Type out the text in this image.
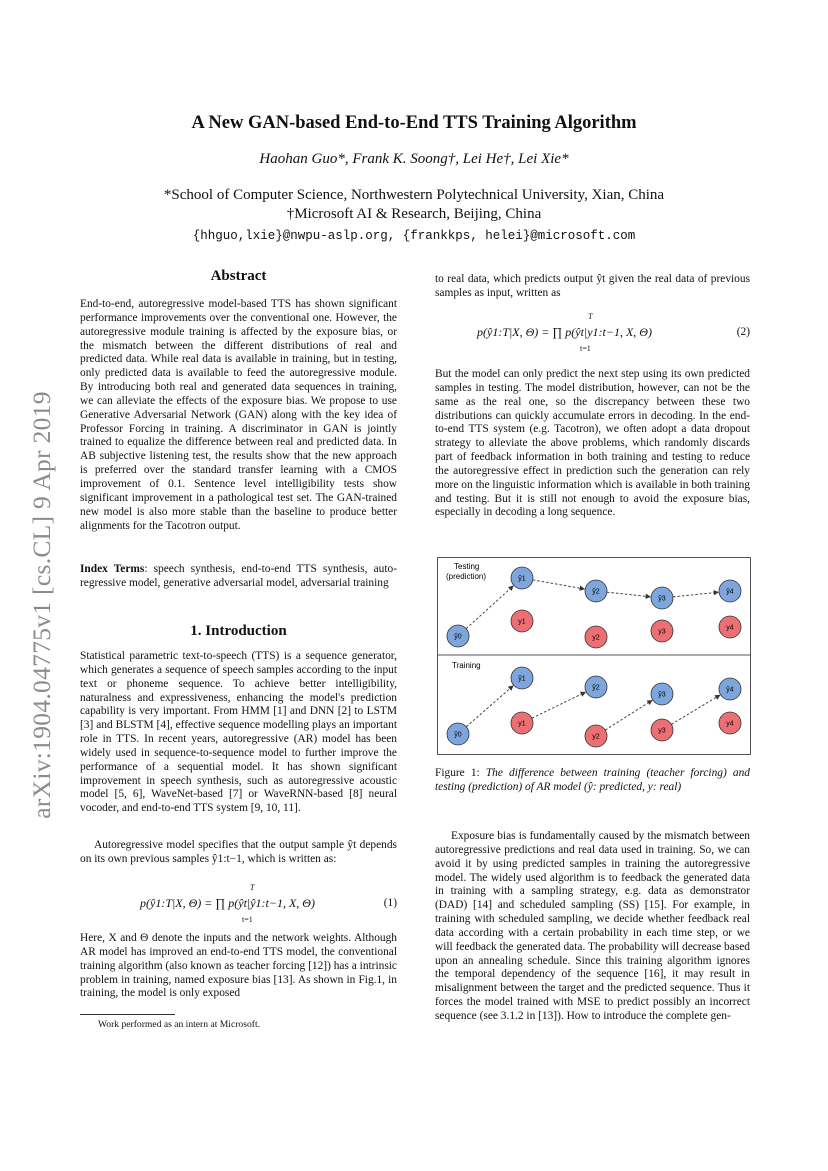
arXiv:1904.04775v1 [cs.CL] 9 Apr 2019
A New GAN-based End-to-End TTS Training Algorithm
Haohan Guo*, Frank K. Soong†, Lei He†, Lei Xie*
*School of Computer Science, Northwestern Polytechnical University, Xian, China
†Microsoft AI & Research, Beijing, China
{hhguo,lxie}@nwpu-aslp.org, {frankkps, helei}@microsoft.com
Abstract
End-to-end, autoregressive model-based TTS has shown significant performance improvements over the conventional one. However, the autoregressive module training is affected by the exposure bias, or the mismatch between the different distributions of real and predicted data. While real data is available in training, but in testing, only predicted data is available to feed the autoregressive module. By introducing both real and generated data sequences in training, we can alleviate the effects of the exposure bias. We propose to use Generative Adversarial Network (GAN) along with the key idea of Professor Forcing in training. A discriminator in GAN is jointly trained to equalize the difference between real and predicted data. In AB subjective listening test, the results show that the new approach is preferred over the standard transfer learning with a CMOS improvement of 0.1. Sentence level intelligibility tests show significant improvement in a pathological test set. The GAN-trained new model is also more stable than the baseline to produce better alignments for the Tacotron output.
Index Terms: speech synthesis, end-to-end TTS synthesis, auto-regressive model, generative adversarial model, adversarial training
1. Introduction
Statistical parametric text-to-speech (TTS) is a sequence generator, which generates a sequence of speech samples according to the input text or phoneme sequence. To achieve better intelligibility, naturalness and expressiveness, enhancing the model's prediction capability is very important. From HMM [1] and DNN [2] to LSTM [3] and BLSTM [4], effective sequence modelling plays an important role in TTS. In recent years, autoregressive (AR) model has been widely used in sequence-to-sequence model to further improve the performance of a sequential model. It has shown significant improvement in speech synthesis, such as autoregressive acoustic model [5, 6], WaveNet-based [7] or WaveRNN-based [8] neural vocoder, and end-to-end TTS system [9, 10, 11].
Autoregressive model specifies that the output sample ŷt depends on its own previous samples ŷ1:t−1, which is written as:
T
p(ŷ1:T|X, Θ) = ∏ p(ŷt|ŷ1:t−1, X, Θ)
t=1
(1)
Here, X and Θ denote the inputs and the network weights. Although AR model has improved an end-to-end TTS model, the conventional training algorithm (also known as teacher forcing [12]) has a intrinsic problem in training, named exposure bias [13]. As shown in Fig.1, in training, the model is only exposed
Work performed as an intern at Microsoft.
to real data, which predicts output ŷt given the real data of previous samples as input, written as
T
p(ŷ1:T|X, Θ) = ∏ p(ŷt|y1:t−1, X, Θ)
t=1
(2)
But the model can only predict the next step using its own predicted samples in testing. The model distribution, however, can not be the same as the real one, so the discrepancy between these two distributions can quickly accumulate errors in decoding. In the end-to-end TTS system (e.g. Tacotron), we often adopt a data dropout strategy to alleviate the above problems, which randomly discards part of feedback information in both training and testing to reduce the autoregressive effect in prediction such the generation can rely more on the linguistic information which is available in both training and testing. But it is still not enough to avoid the exposure bias, especially in decoding a long sequence.
Testing
(prediction)
Training
ŷ0
ŷ0
ŷ1
y1
ŷ1
y1
ŷ2
y2
ŷ2
y2
ŷ3
y3
ŷ3
y3
ŷ4
y4
ŷ4
y4
Figure 1: The difference between training (teacher forcing) and testing (prediction) of AR model (ŷ: predicted, y: real)
Exposure bias is fundamentally caused by the mismatch between autoregressive predictions and real data used in training. So, we can avoid it by using predicted samples in training the autoregressive model. The widely used algorithm is to feedback the generated data in training with a sampling strategy, e.g. data as demonstrator (DAD) [14] and scheduled sampling (SS) [15]. For example, in training with scheduled sampling, we decide whether feedback real data according with a certain probability in each time step, or we will feedback the generated data. The probability will decrease based upon an annealing schedule. Since this training algorithm ignores the temporal dependency of the sequence [16], it may result in misalignment between the target and the predicted sequence. Thus it forces the model trained with MSE to predict possibly an incorrect sequence (see 3.1.2 in [13]). How to introduce the complete gen-
